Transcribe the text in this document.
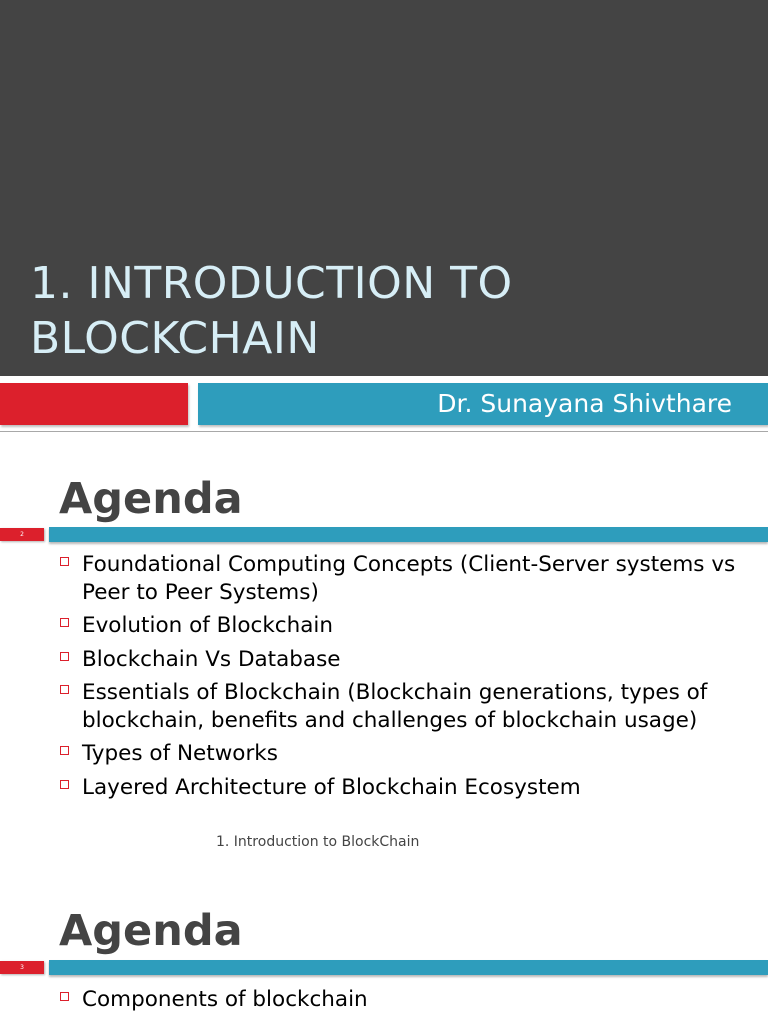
1. INTRODUCTION TO
BLOCKCHAIN
Dr. Sunayana Shivthare
Agenda
2
Foundational Computing Concepts (Client-Server systems vs Peer to Peer Systems)
Evolution of Blockchain
Blockchain Vs Database
Essentials of Blockchain (Blockchain generations, types of blockchain, benefits and challenges of blockchain usage)
Types of Networks
Layered Architecture of Blockchain Ecosystem
1. Introduction to BlockChain
Agenda
3
Components of blockchain
